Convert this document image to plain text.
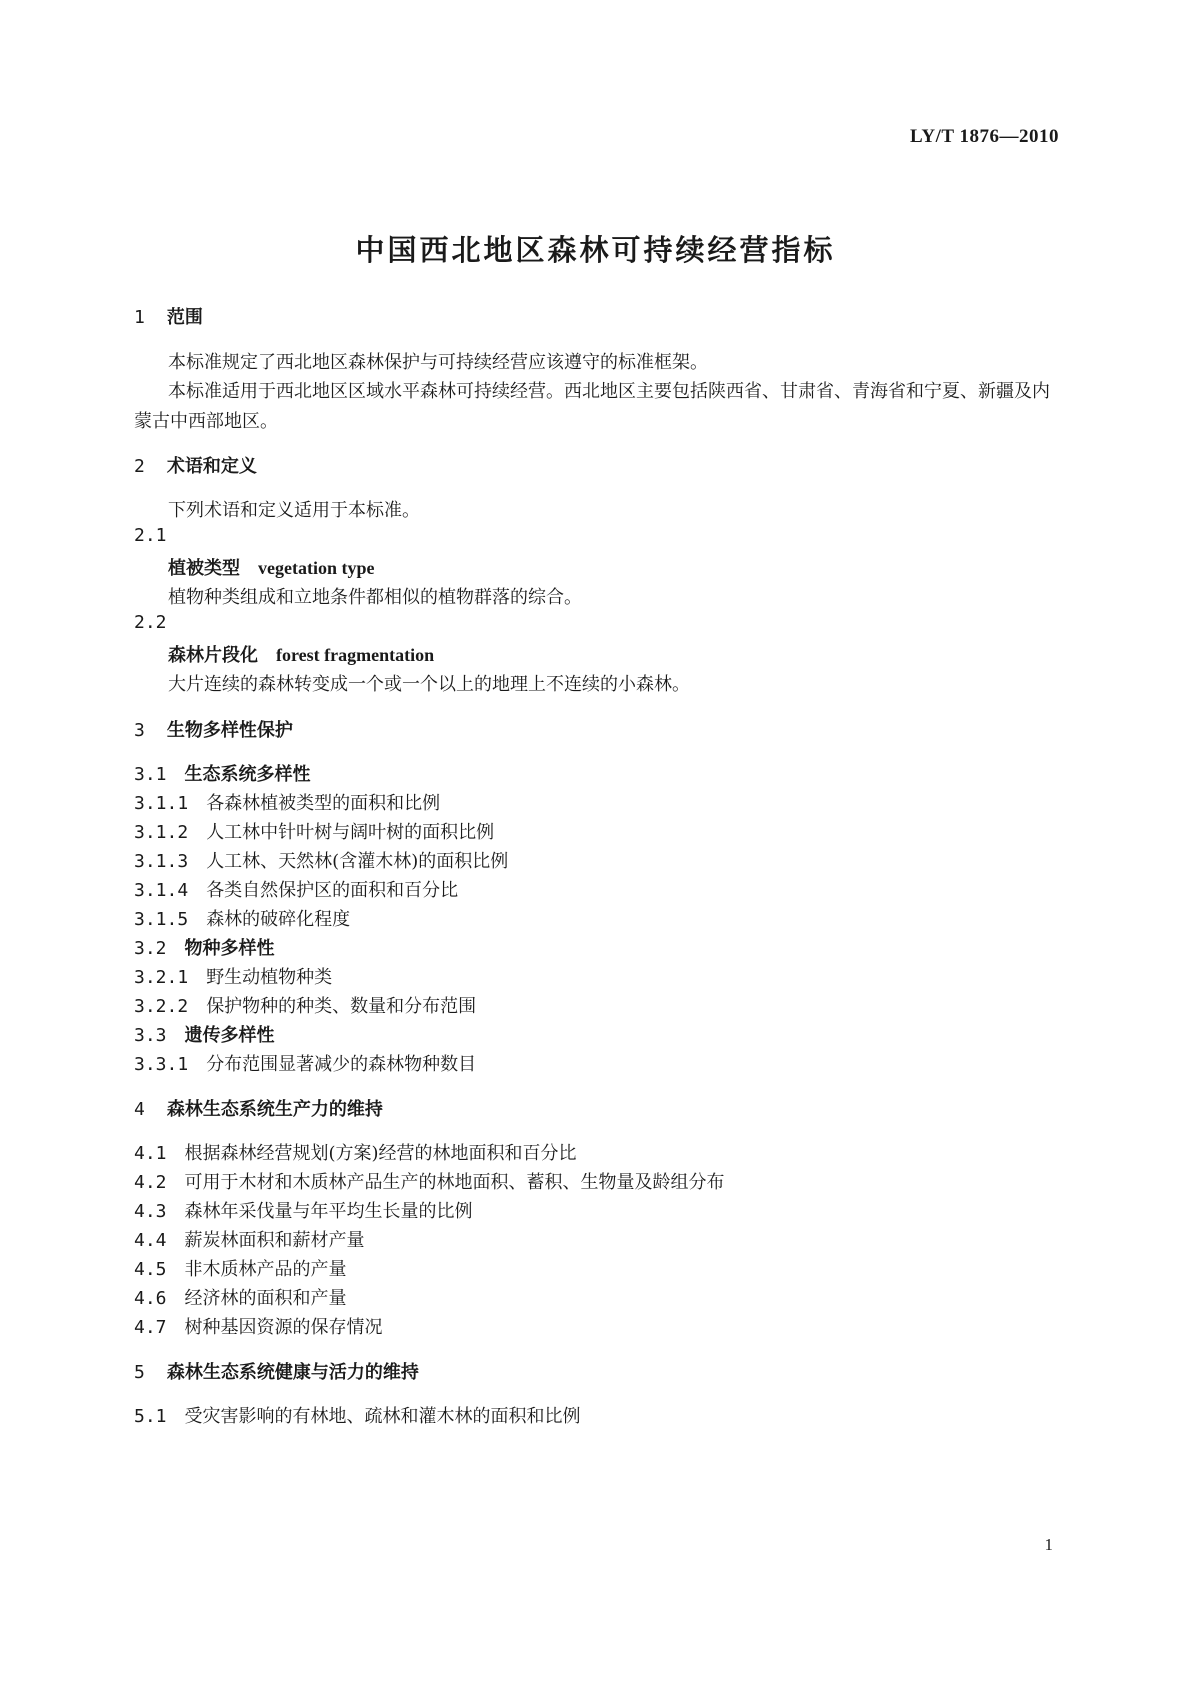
LY/T 1876—2010
中国西北地区森林可持续经营指标
1 范围
本标准规定了西北地区森林保护与可持续经营应该遵守的标准框架。
本标准适用于西北地区区域水平森林可持续经营。西北地区主要包括陕西省、甘肃省、青海省和宁夏、新疆及内蒙古中西部地区。
2 术语和定义
下列术语和定义适用于本标准。
2.1
植被类型 vegetation type
植物种类组成和立地条件都相似的植物群落的综合。
2.2
森林片段化 forest fragmentation
大片连续的森林转变成一个或一个以上的地理上不连续的小森林。
3 生物多样性保护
3.1 生态系统多样性
3.1.1 各森林植被类型的面积和比例
3.1.2 人工林中针叶树与阔叶树的面积比例
3.1.3 人工林、天然林(含灌木林)的面积比例
3.1.4 各类自然保护区的面积和百分比
3.1.5 森林的破碎化程度
3.2 物种多样性
3.2.1 野生动植物种类
3.2.2 保护物种的种类、数量和分布范围
3.3 遗传多样性
3.3.1 分布范围显著减少的森林物种数目
4 森林生态系统生产力的维持
4.1 根据森林经营规划(方案)经营的林地面积和百分比
4.2 可用于木材和木质林产品生产的林地面积、蓄积、生物量及龄组分布
4.3 森林年采伐量与年平均生长量的比例
4.4 薪炭林面积和薪材产量
4.5 非木质林产品的产量
4.6 经济林的面积和产量
4.7 树种基因资源的保存情况
5 森林生态系统健康与活力的维持
5.1 受灾害影响的有林地、疏林和灌木林的面积和比例
1
